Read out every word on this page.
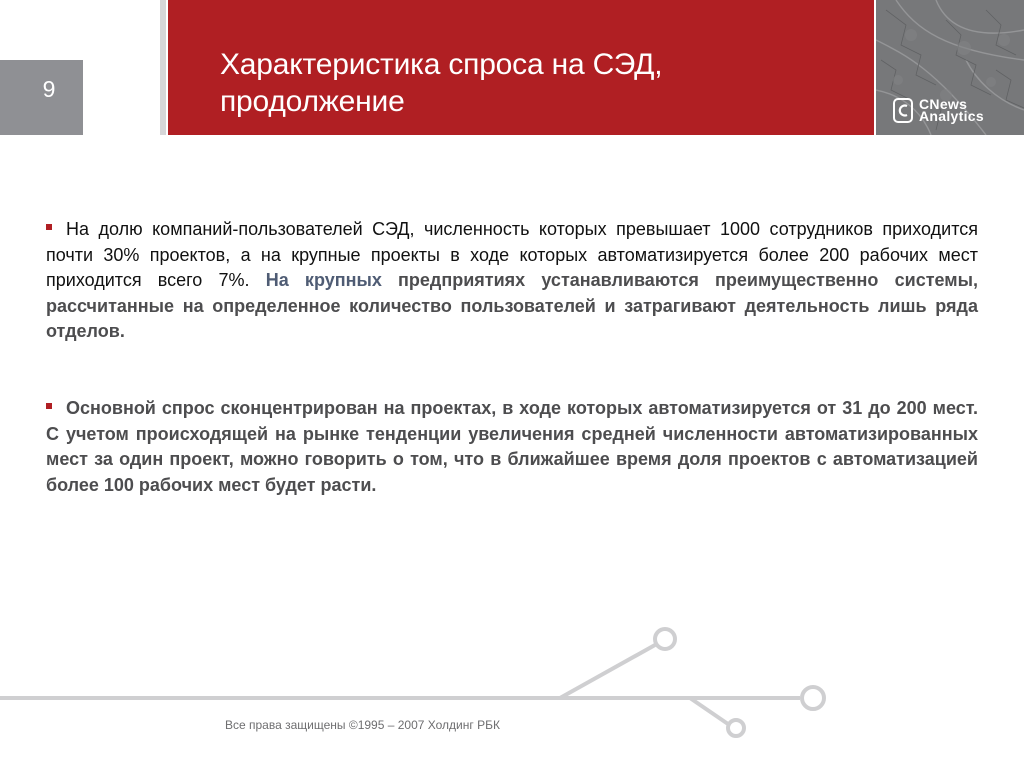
9
Характеристика спроса на СЭД,
продолжение	CNews
Analytics

На долю компаний-пользователей СЭД, численность которых превышает 1000 сотрудников приходится почти 30% проектов, а на крупные проекты в ходе которых автоматизируется более 200 рабочих мест приходится всего 7%. На крупных предприятиях устанавливаются преимущественно системы, рассчитанные на определенное количество пользователей и затрагивают деятельность лишь ряда отделов.

Основной спрос сконцентрирован на проектах, в ходе которых автоматизируется от 31 до 200 мест. С учетом происходящей на рынке тенденции увеличения средней численности автоматизированных мест за один проект, можно говорить о том, что в ближайшее время доля проектов с автоматизацией более 100 рабочих мест будет расти.

Все права защищены ©1995 – 2007 Холдинг РБК
